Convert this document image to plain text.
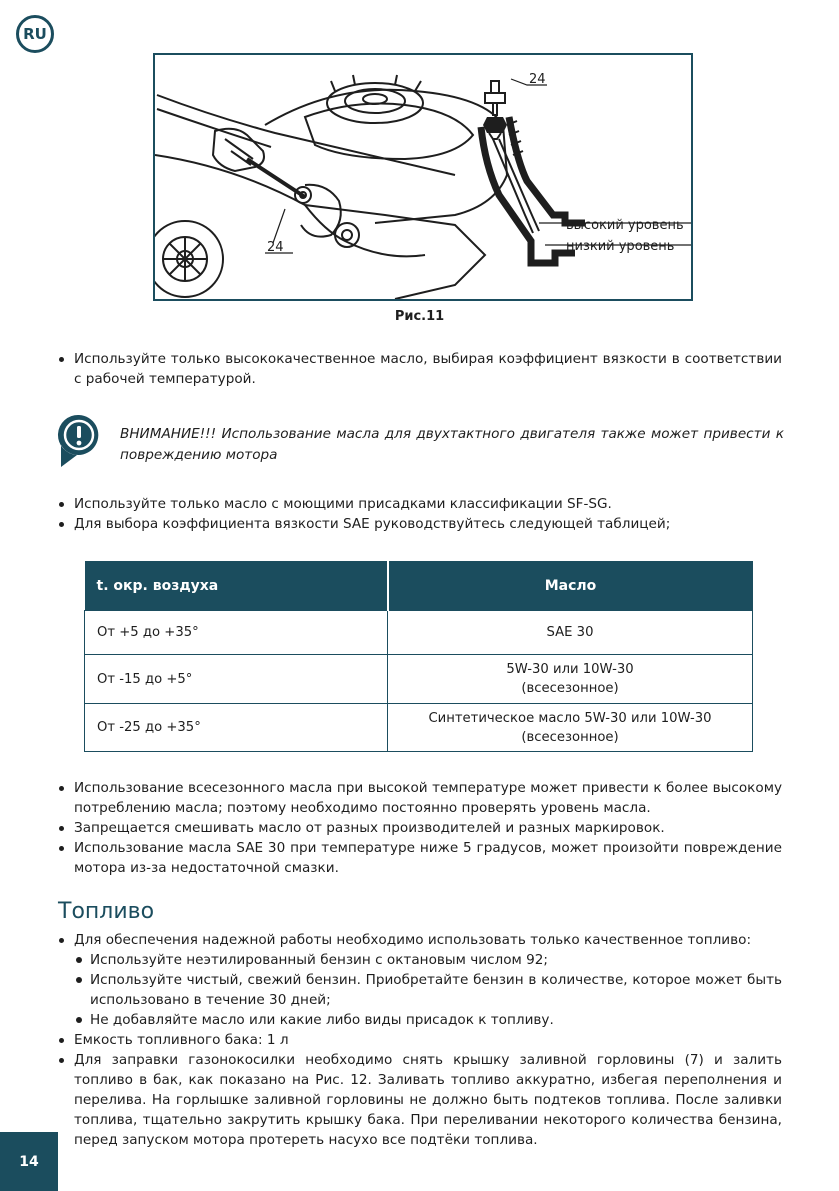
RU
24
24
высокий уровень
низкий уровень
Рис.11
Используйте только высококачественное масло, выбирая коэффициент вязкости в соответствии с рабочей температурой.
ВНИМАНИЕ!!! Использование масла для двухтактного двигателя также может привести к повреждению мотора
Используйте только масло с моющими присадками классификации SF-SG.
Для выбора коэффициента вязкости SAE руководствуйтесь следующей таблицей;
t. окр. воздуха	Масло
От +5 до +35°	SAE 30
От -15 до +5°	5W-30 или 10W-30
(всесезонное)

От -25 до +35°	Синтетическое масло 5W-30 или 10W-30
(всесезонное)
Использование всесезонного масла при высокой температуре может привести к более высокому потреблению масла; поэтому необходимо постоянно проверять уровень масла.
Запрещается смешивать масло от разных производителей и разных маркировок.
Использование масла SAE 30 при температуре ниже 5 градусов, может произойти повреждение мотора из-за недостаточной смазки.
Топливо
Для обеспечения надежной работы необходимо использовать только качественное топливо:
Используйте неэтилированный бензин с октановым числом 92;
Используйте чистый, свежий бензин. Приобретайте бензин в количестве, которое может быть использовано в течение 30 дней;
Не добавляйте масло или какие либо виды присадок к топливу.
Емкость топливного бака: 1 л
Для заправки газонокосилки необходимо снять крышку заливной горловины (7) и залить топливо в бак, как показано на Рис. 12. Заливать топливо аккуратно, избегая переполнения и перелива. На горлышке заливной горловины не должно быть подтеков топлива. После заливки топлива, тщательно закрутить крышку бака. При переливании некоторого количества бензина, перед запуском мотора протереть насухо все подтёки топлива.
14
